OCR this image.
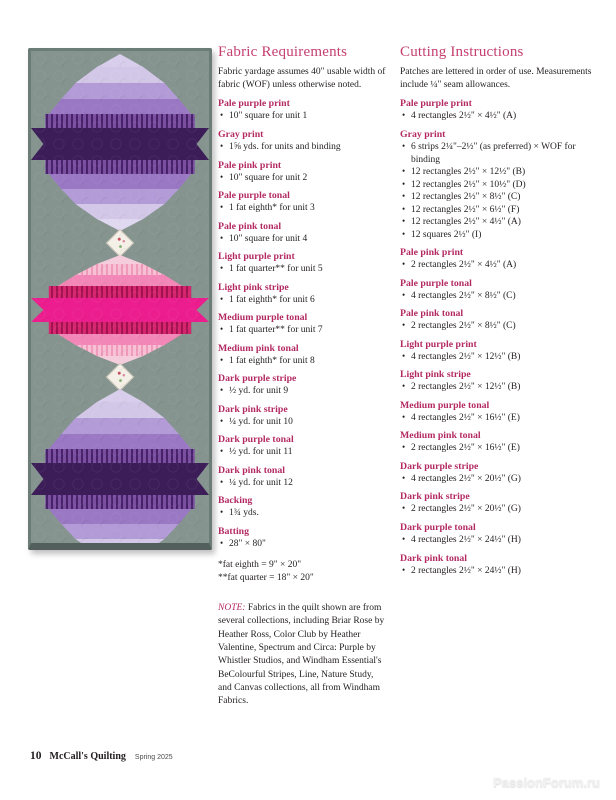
Fabric Requirements

Fabric yardage assumes 40" usable width of fabric (WOF) unless otherwise noted.

Pale purple print
• 10" square for unit 1
Gray print
• 1⅝ yds. for units and binding
Pale pink print
• 10" square for unit 2
Pale purple tonal
• 1 fat eighth* for unit 3
Pale pink tonal
• 10" square for unit 4
Light purple print
• 1 fat quarter** for unit 5
Light pink stripe
• 1 fat eighth* for unit 6
Medium purple tonal
• 1 fat quarter** for unit 7
Medium pink tonal
• 1 fat eighth* for unit 8
Dark purple stripe
• ½ yd. for unit 9
Dark pink stripe
• ¼ yd. for unit 10
Dark purple tonal
• ½ yd. for unit 11
Dark pink tonal
• ¼ yd. for unit 12
Backing
• 1¾ yds.
Batting
• 28" × 80"

*fat eighth = 9" × 20"

**fat quarter = 18" × 20"

NOTE: Fabrics in the quilt shown are from several collections, including Briar Rose by Heather Ross, Color Club by Heather Valentine, Spectrum and Circa: Purple by Whistler Studios, and Windham Essential's BeColourful Stripes, Line, Nature Study, and Canvas collections, all from Windham Fabrics.

Cutting Instructions

Patches are lettered in order of use. Measurements include ¼" seam allowances.

Pale purple print
• 4 rectangles 2½" × 4½" (A)
Gray print
• 6 strips 2¼"–2½" (as preferred) × WOF for binding
• 12 rectangles 2½" × 12½" (B)
• 12 rectangles 2½" × 10½" (D)
• 12 rectangles 2½" × 8½" (C)
• 12 rectangles 2½" × 6½" (F)
• 12 rectangles 2½" × 4½" (A)
• 12 squares 2½" (I)
Pale pink print
• 2 rectangles 2½" × 4½" (A)
Pale purple tonal
• 4 rectangles 2½" × 8½" (C)
Pale pink tonal
• 2 rectangles 2½" × 8½" (C)
Light purple print
• 4 rectangles 2½" × 12½" (B)
Light pink stripe
• 2 rectangles 2½" × 12½" (B)
Medium purple tonal
• 4 rectangles 2½" × 16½" (E)
Medium pink tonal
• 2 rectangles 2½" × 16½" (E)
Dark purple stripe
• 4 rectangles 2½" × 20½" (G)
Dark pink stripe
• 2 rectangles 2½" × 20½" (G)
Dark purple tonal
• 4 rectangles 2½" × 24½" (H)
Dark pink tonal
• 2 rectangles 2½" × 24½" (H)
10 McCall's Quilting Spring 2025
PassionForum.ru
